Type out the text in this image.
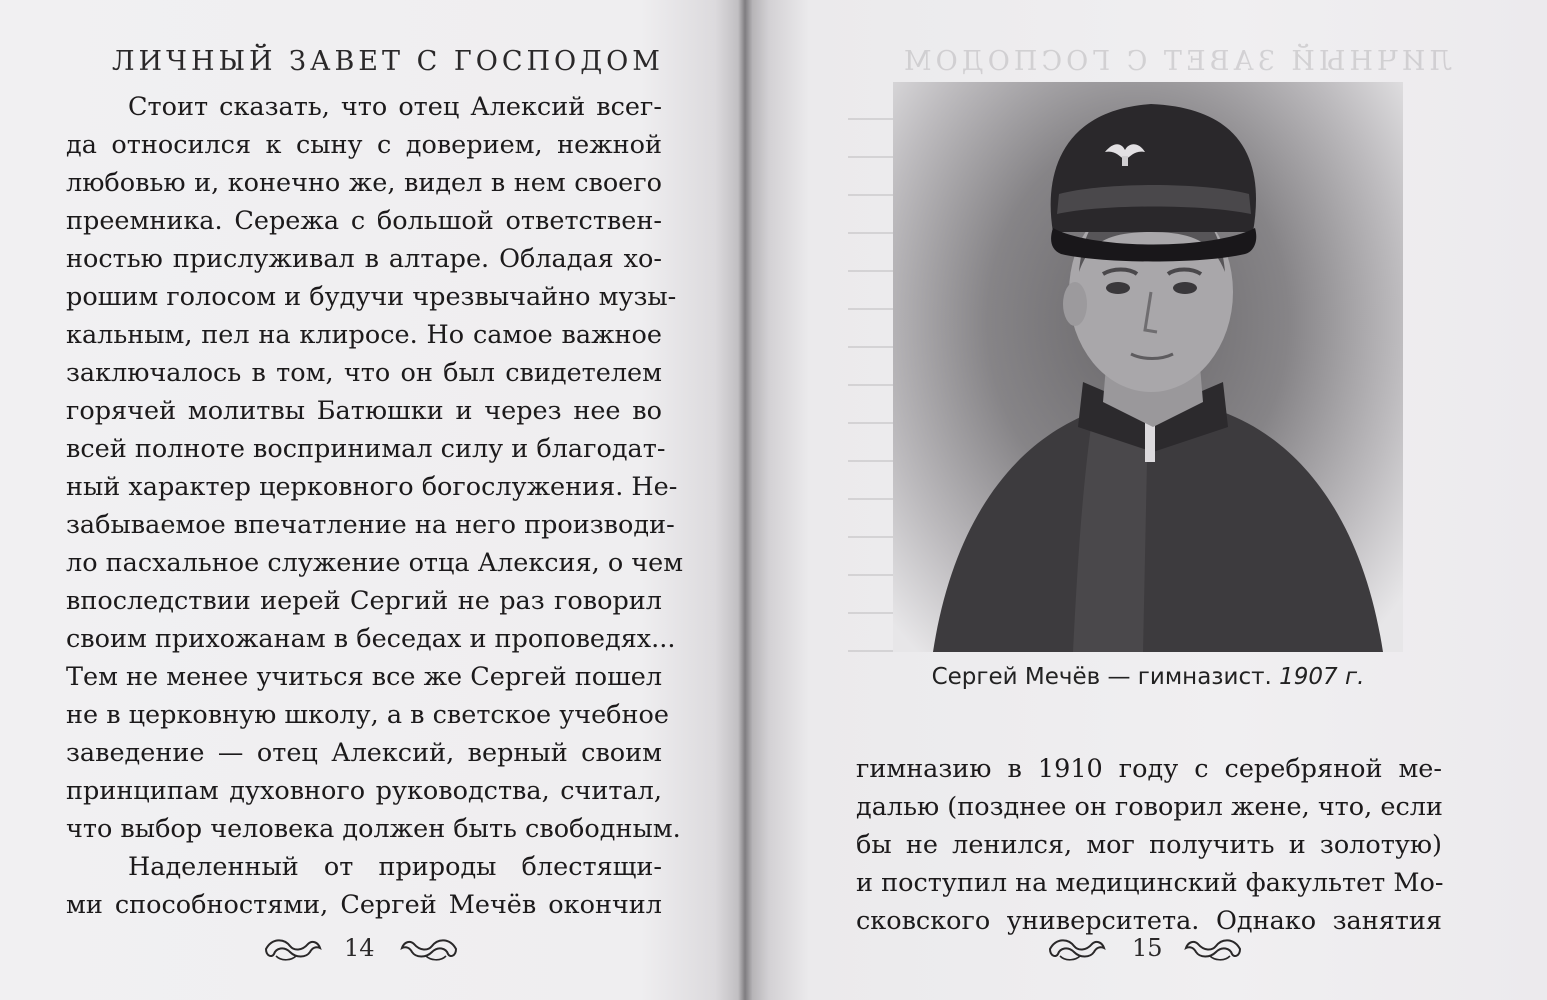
ЛИЧНЫЙ ЗАВЕТ С ГОСПОДОМ
Стоит сказать, что отец Алексий всег-
да относился к сыну с доверием, нежной
любовью и, конечно же, видел в нем своего
преемника. Сережа с большой ответствен-
ностью прислуживал в алтаре. Обладая хо-
рошим голосом и будучи чрезвычайно музы-
кальным, пел на клиросе. Но самое важное
заключалось в том, что он был свидетелем
горячей молитвы Батюшки и через нее во
всей полноте воспринимал силу и благодат-
ный характер церковного богослужения. Не-
забываемое впечатление на него производи-
ло пасхальное служение отца Алексия, о чем
впоследствии иерей Сергий не раз говорил
своим прихожанам в беседах и проповедях...
Тем не менее учиться все же Сергей пошел
не в церковную школу, а в светское учебное
заведение — отец Алексий, верный своим
принципам духовного руководства, считал,
что выбор человека должен быть свободным.
Наделенный от природы блестящи-
ми способностями, Сергей Мечёв окончил
14
ЛИЧНЫЙ ЗАВЕТ С ГОСПОДОМ
Сергей Мечёв — гимназист. 1907 г.
гимназию в 1910 году с серебряной ме-
далью (позднее он говорил жене, что, если
бы не ленился, мог получить и золотую)
и поступил на медицинский факультет Мо-
сковского университета. Однако занятия
15
